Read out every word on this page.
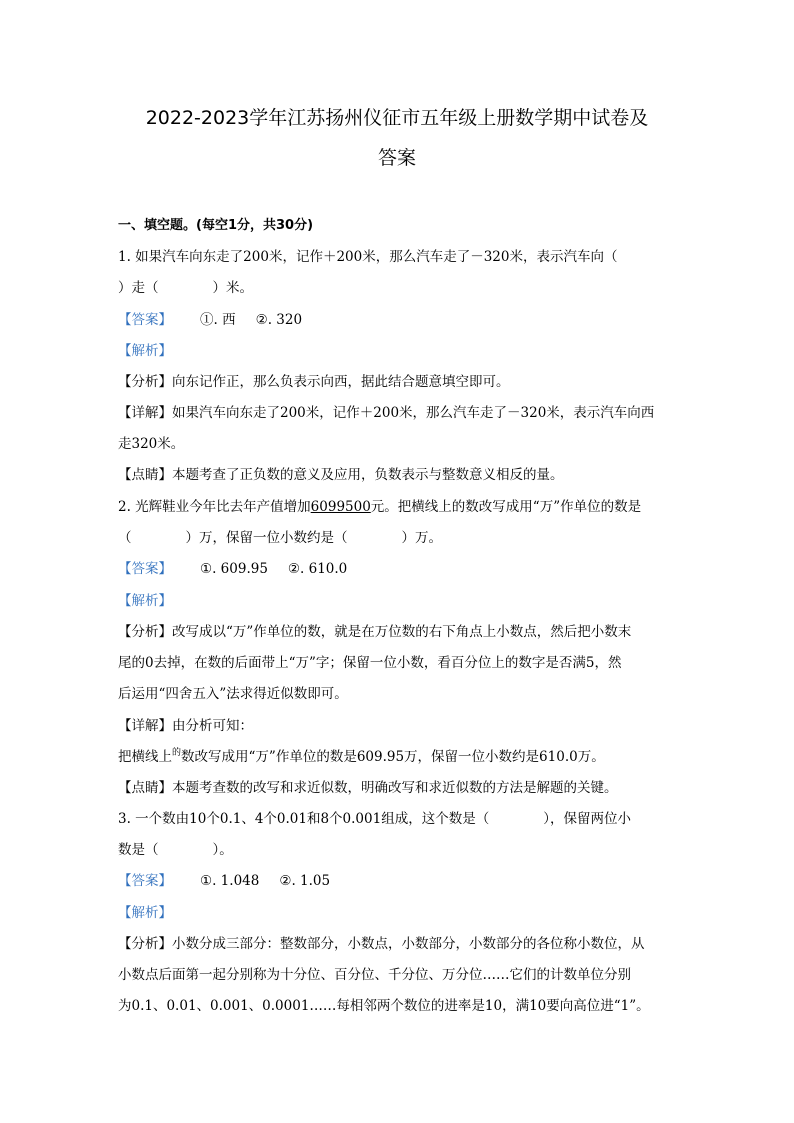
2022-2023学年江苏扬州仪征市五年级上册数学期中试卷及
答案
一、填空题。(每空1分，共30分)
1. 如果汽车向东走了200米，记作＋200米，那么汽车走了－320米，表示汽车向（
）走（　　　　）米。
【答案】 ①. 西 ②. 320
【解析】
【分析】向东记作正，那么负表示向西，据此结合题意填空即可。
【详解】如果汽车向东走了200米，记作＋200米，那么汽车走了－320米，表示汽车向西
走320米。
【点睛】本题考查了正负数的意义及应用，负数表示与整数意义相反的量。
2. 光辉鞋业今年比去年产值增加6099500元。把横线上的数改写成用“万”作单位的数是
（　　　　）万，保留一位小数约是（　　　　）万。
【答案】 ①. 609.95 ②. 610.0
【解析】
【分析】改写成以“万”作单位的数，就是在万位数的右下角点上小数点，然后把小数末
尾的0去掉，在数的后面带上“万”字；保留一位小数，看百分位上的数字是否满5，然
后运用“四舍五入”法求得近似数即可。
【详解】由分析可知：
把横线上$^的$数改写成用“万”作单位的数是609.95万，保留一位小数约是610.0万。
【点睛】本题考查数的改写和求近似数，明确改写和求近似数的方法是解题的关键。
3. 一个数由10个0.1、4个0.01和8个0.001组成，这个数是（　　　　），保留两位小
数是（　　　　）。
【答案】 ①. 1.048 ②. 1.05
【解析】
【分析】小数分成三部分：整数部分，小数点，小数部分，小数部分的各位称小数位，从
小数点后面第一起分别称为十分位、百分位、千分位、万分位……它们的计数单位分别
为0.1、0.01、0.001、0.0001……每相邻两个数位的进率是10，满10要向高位进“1”。
